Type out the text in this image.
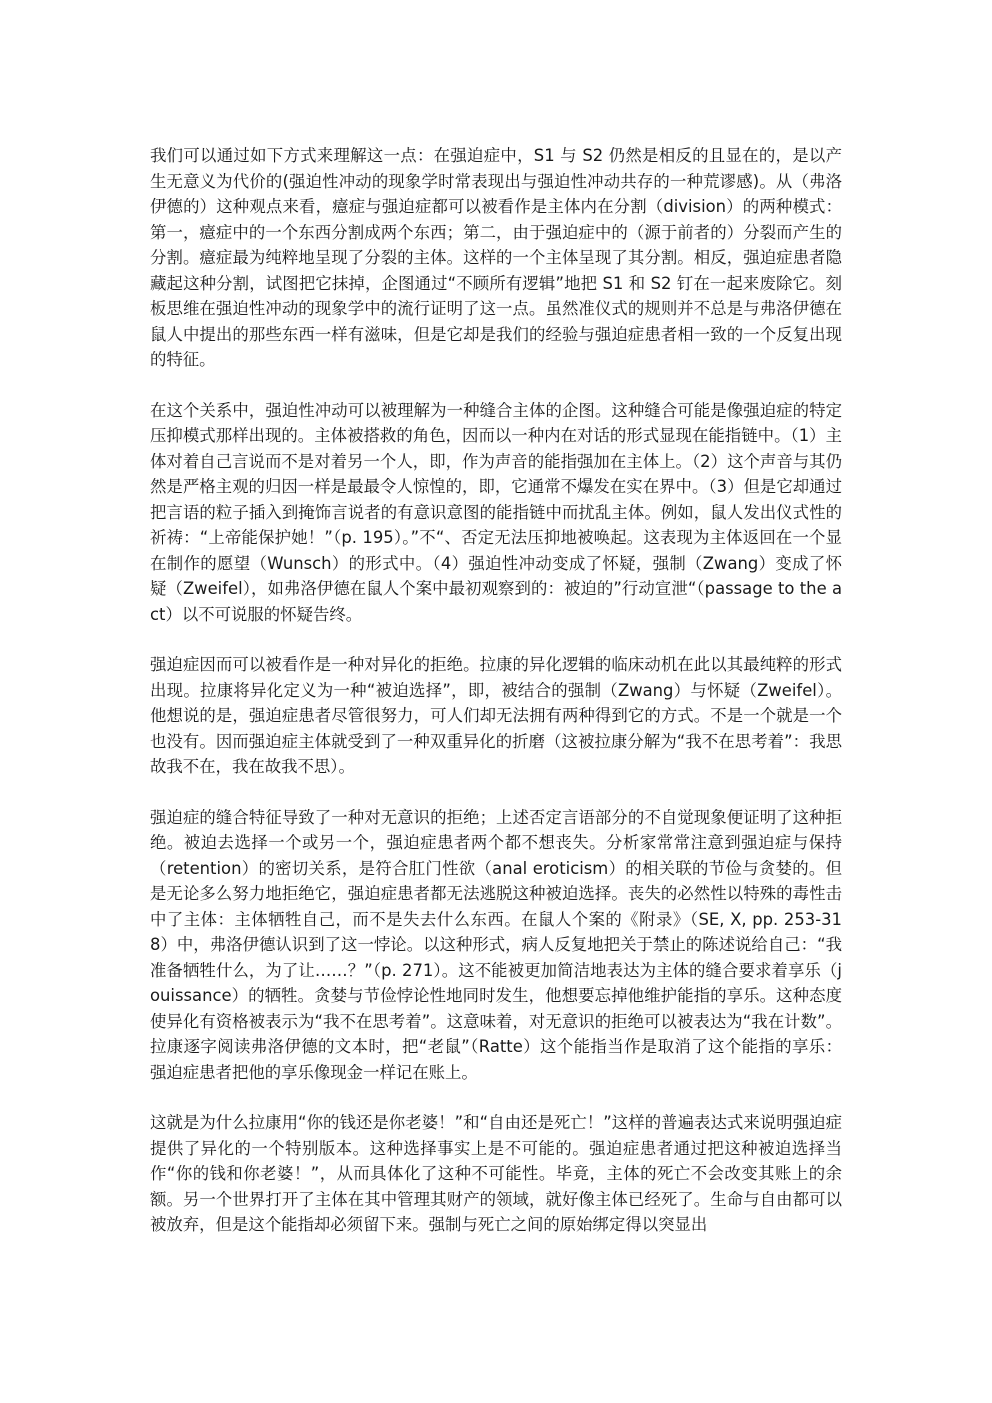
我们可以通过如下方式来理解这一点：在强迫症中，S1 与 S2 仍然是相反的且显在的，是以产生无意义为代价的(强迫性冲动的现象学时常表现出与强迫性冲动共存的一种荒谬感)。从（弗洛伊德的）这种观点来看，癔症与强迫症都可以被看作是主体内在分割（division）的两种模式：第一，癔症中的一个东西分割成两个东西；第二，由于强迫症中的（源于前者的）分裂而产生的分割。癔症最为纯粹地呈现了分裂的主体。这样的一个主体呈现了其分割。相反，强迫症患者隐藏起这种分割，试图把它抹掉，企图通过“不顾所有逻辑”地把 S1 和 S2 钉在一起来废除它。刻板思维在强迫性冲动的现象学中的流行证明了这一点。虽然准仪式的规则并不总是与弗洛伊德在鼠人中提出的那些东西一样有滋味，但是它却是我们的经验与强迫症患者相一致的一个反复出现的特征。

在这个关系中，强迫性冲动可以被理解为一种缝合主体的企图。这种缝合可能是像强迫症的特定压抑模式那样出现的。主体被搭救的角色，因而以一种内在对话的形式显现在能指链中。（1）主体对着自己言说而不是对着另一个人，即，作为声音的能指强加在主体上。（2）这个声音与其仍然是严格主观的归因一样是最最令人惊惶的，即，它通常不爆发在实在界中。（3）但是它却通过把言语的粒子插入到掩饰言说者的有意识意图的能指链中而扰乱主体。例如，鼠人发出仪式性的祈祷：“上帝能保护她！”（p. 195）。”不“、否定无法压抑地被唤起。这表现为主体返回在一个显在制作的愿望（Wunsch）的形式中。（4）强迫性冲动变成了怀疑，强制（Zwang）变成了怀疑（Zweifel），如弗洛伊德在鼠人个案中最初观察到的：被迫的”行动宣泄“（passage to the act）以不可说服的怀疑告终。

强迫症因而可以被看作是一种对异化的拒绝。拉康的异化逻辑的临床动机在此以其最纯粹的形式出现。拉康将异化定义为一种“被迫选择”，即，被结合的强制（Zwang）与怀疑（Zweifel）。他想说的是，强迫症患者尽管很努力，可人们却无法拥有两种得到它的方式。不是一个就是一个也没有。因而强迫症主体就受到了一种双重异化的折磨（这被拉康分解为“我不在思考着”：我思故我不在，我在故我不思）。

强迫症的缝合特征导致了一种对无意识的拒绝；上述否定言语部分的不自觉现象便证明了这种拒绝。被迫去选择一个或另一个，强迫症患者两个都不想丧失。分析家常常注意到强迫症与保持（retention）的密切关系，是符合肛门性欲（anal eroticism）的相关联的节俭与贪婪的。但是无论多么努力地拒绝它，强迫症患者都无法逃脱这种被迫选择。丧失的必然性以特殊的毒性击中了主体：主体牺牲自己，而不是失去什么东西。在鼠人个案的《附录》（SE, X, pp. 253-318）中，弗洛伊德认识到了这一悖论。以这种形式，病人反复地把关于禁止的陈述说给自己：“我准备牺牲什么，为了让……？”（p. 271）。这不能被更加简洁地表达为主体的缝合要求着享乐（jouissance）的牺牲。贪婪与节俭悖论性地同时发生，他想要忘掉他维护能指的享乐。这种态度使异化有资格被表示为“我不在思考着”。这意味着，对无意识的拒绝可以被表达为“我在计数”。拉康逐字阅读弗洛伊德的文本时，把“老鼠”（Ratte）这个能指当作是取消了这个能指的享乐：强迫症患者把他的享乐像现金一样记在账上。

这就是为什么拉康用“你的钱还是你老婆！”和“自由还是死亡！”这样的普遍表达式来说明强迫症提供了异化的一个特别版本。这种选择事实上是不可能的。强迫症患者通过把这种被迫选择当作“你的钱和你老婆！”，从而具体化了这种不可能性。毕竟，主体的死亡不会改变其账上的余额。另一个世界打开了主体在其中管理其财产的领域，就好像主体已经死了。生命与自由都可以被放弃，但是这个能指却必须留下来。强制与死亡之间的原始绑定得以突显出
